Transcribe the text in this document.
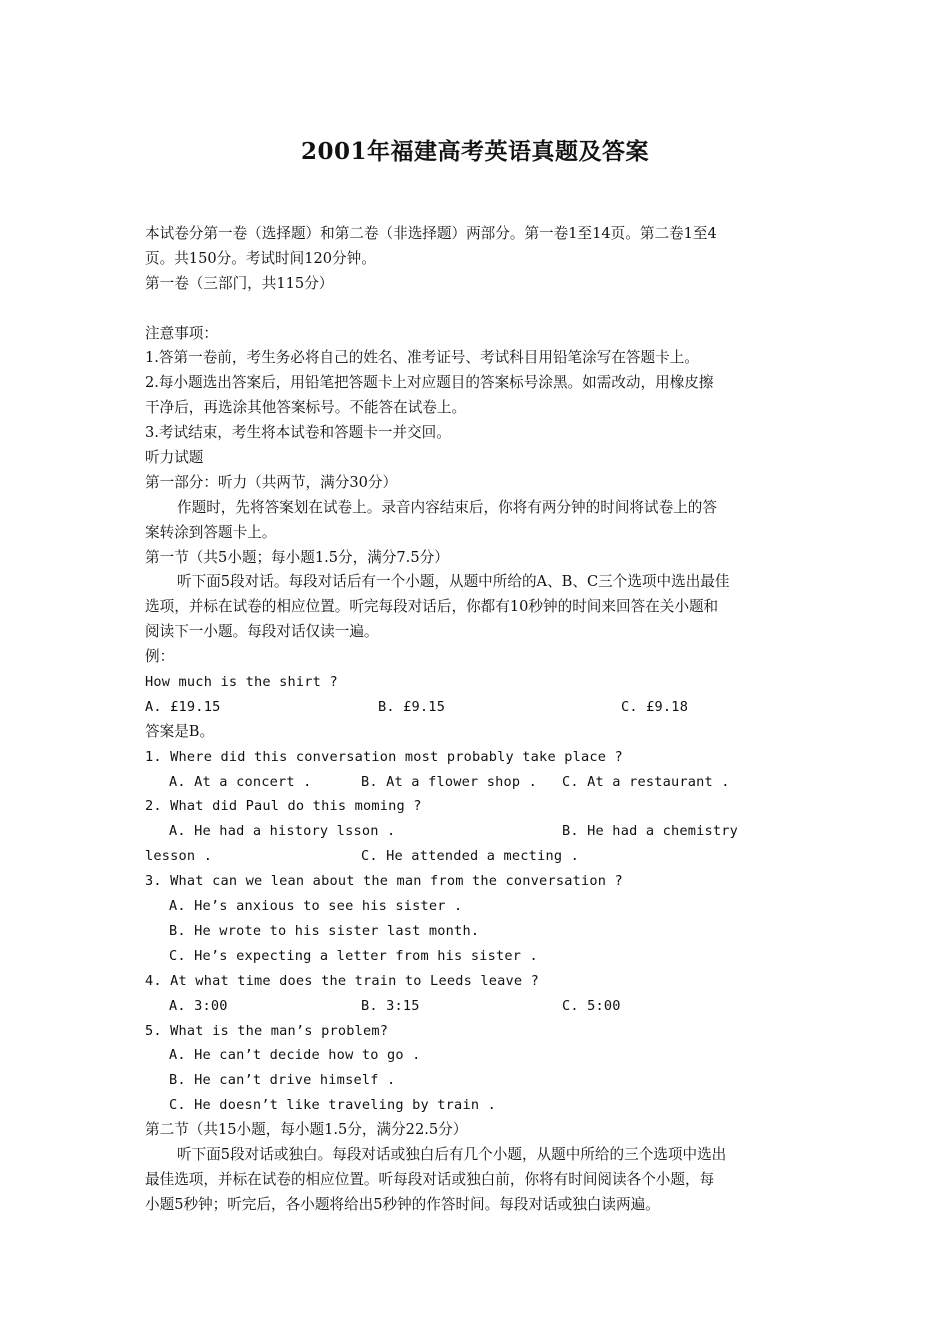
2001年福建高考英语真题及答案
本试卷分第一卷（选择题）和第二卷（非选择题）两部分。第一卷1至14页。第二卷1至4
页。共150分。考试时间120分钟。
第一卷（三部门，共115分）
注意事项：
1.答第一卷前，考生务必将自己的姓名、准考证号、考试科目用铅笔涂写在答题卡上。
2.每小题选出答案后，用铅笔把答题卡上对应题目的答案标号涂黑。如需改动，用橡皮擦
干净后，再选涂其他答案标号。不能答在试卷上。
3.考试结束，考生将本试卷和答题卡一并交回。
听力试题
第一部分：听力（共两节，满分30分）
作题时，先将答案划在试卷上。录音内容结束后，你将有两分钟的时间将试卷上的答
案转涂到答题卡上。
第一节（共5小题；每小题1.5分，满分7.5分）
听下面5段对话。每段对话后有一个小题，从题中所给的A、B、C三个选项中选出最佳
选项，并标在试卷的相应位置。听完每段对话后，你都有10秒钟的时间来回答在关小题和
阅读下一小题。每段对话仅读一遍。
例：
How much is the shirt ?
A. £19.15	B. £9.15	C. £9.18
答案是B。
1. Where did this conversation most probably take place ?
A. At a concert .	B. At a flower shop .	C. At a restaurant .
2. What did Paul do this moming ?
A. He had a history lsson .	B. He had a chemistry
lesson .	C. He attended a mecting .
3. What can we lean about the man from the conversation ?
A. He’s anxious to see his sister .
B. He wrote to his sister last month.
C. He’s expecting a letter from his sister .
4. At what time does the train to Leeds leave ?
A. 3:00	B. 3:15	C. 5:00
5. What is the man’s problem?
A. He can’t decide how to go .
B. He can’t drive himself .
C. He doesn’t like traveling by train .
第二节（共15小题，每小题1.5分，满分22.5分）
听下面5段对话或独白。每段对话或独白后有几个小题，从题中所给的三个选项中选出
最佳选项，并标在试卷的相应位置。听每段对话或独白前，你将有时间阅读各个小题，每
小题5秒钟；听完后，各小题将给出5秒钟的作答时间。每段对话或独白读两遍。
